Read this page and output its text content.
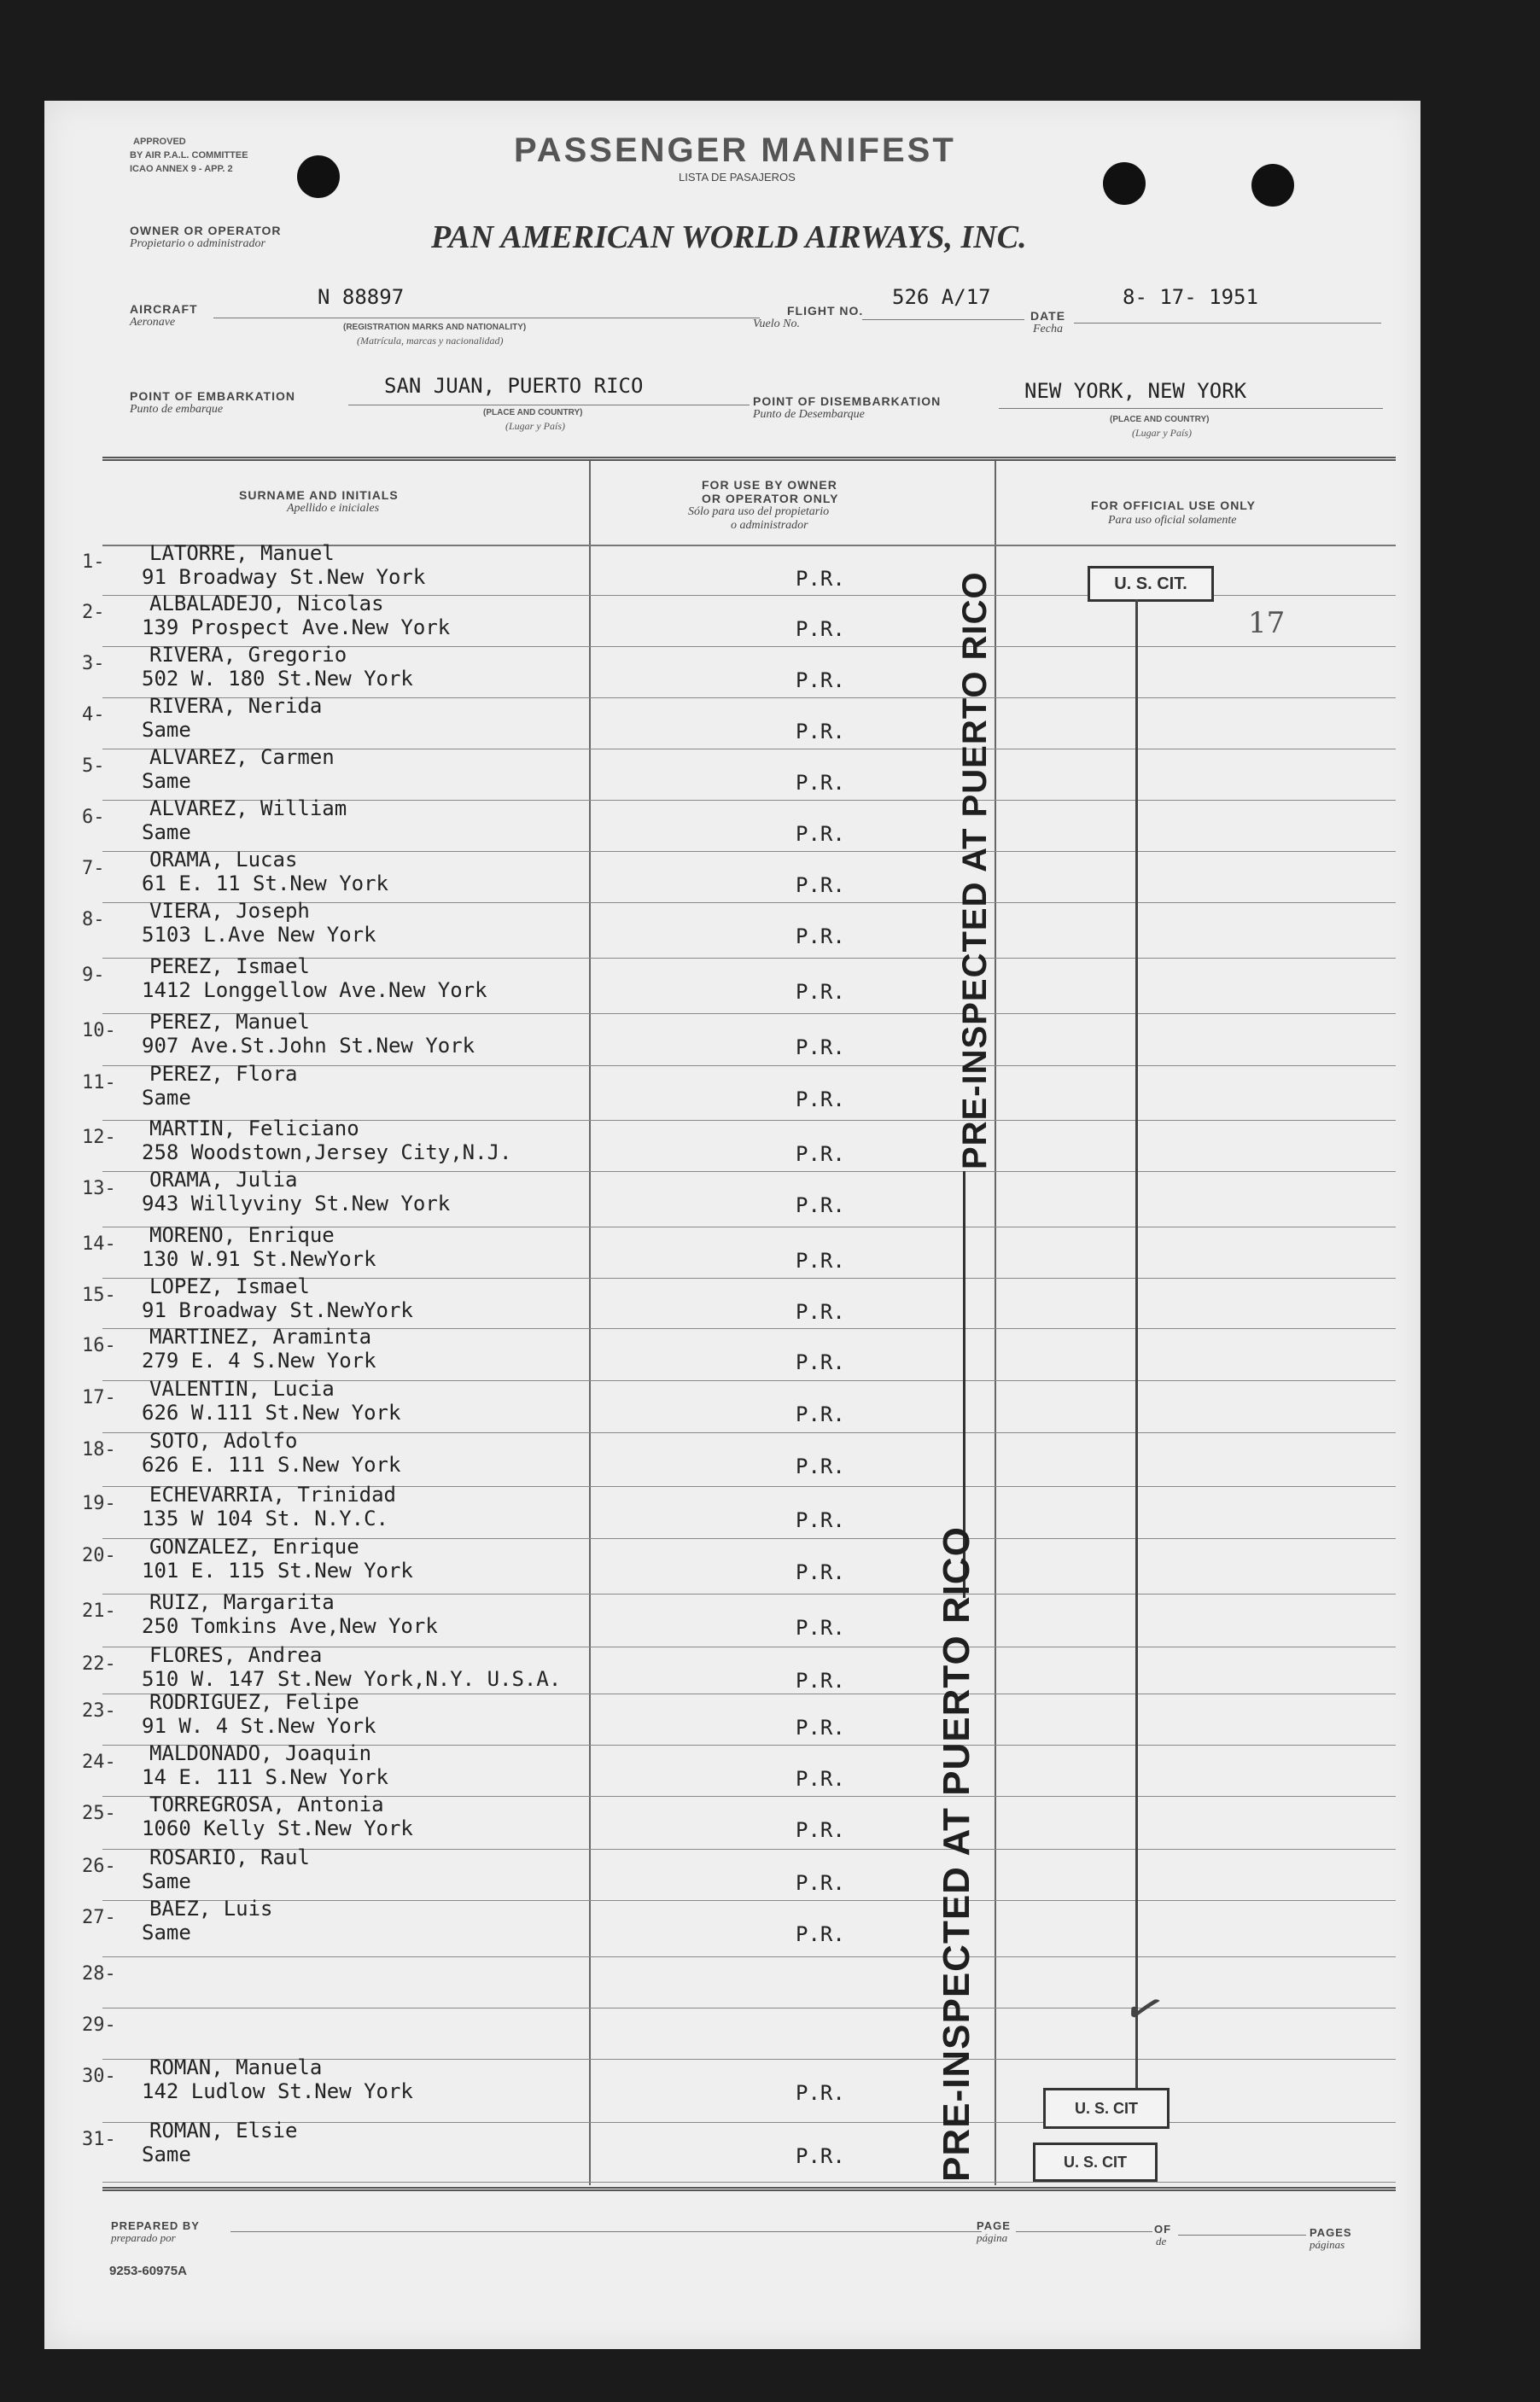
APPROVED
BY AIR P.A.L. COMMITTEE
ICAO ANNEX 9 - APP. 2	PASSENGER MANIFEST
LISTA DE PASAJEROS
OWNER OR OPERATOR
Propietario o administrador	PAN AMERICAN WORLD AIRWAYS, INC.
AIRCRAFT
Aeronave
N 88897
(REGISTRATION MARKS AND NATIONALITY)
(Matrícula, marcas y nacionalidad)
FLIGHT NO.
Vuelo No.
526 A/17
DATE
Fecha
8- 17- 1951
POINT OF EMBARKATION
Punto de embarque
SAN JUAN, PUERTO RICO
(PLACE AND COUNTRY)
(Lugar y País)
POINT OF DISEMBARKATION
Punto de Desembarque
NEW YORK, NEW YORK
(PLACE AND COUNTRY)
(Lugar y País)
SURNAME AND INITIALS
Apellido e iniciales
FOR USE BY OWNER
OR OPERATOR ONLY
Sólo para uso del propietario
o administrador
FOR OFFICIAL USE ONLY
Para uso oficial solamente
1- LATORRE, Manuel
91 Broadway St.New York	P.R.
2- ALBALADEJO, Nicolas
139 Prospect Ave.New York	P.R.
3- RIVERA, Gregorio
502 W. 180 St.New York	P.R.
4- RIVERA, Nerida
Same	P.R.
5- ALVAREZ, Carmen
Same	P.R.
6- ALVAREZ, William
Same	P.R.
7- ORAMA, Lucas
61 E. 11 St.New York	P.R.
8- VIERA, Joseph
5103 L.Ave New York	P.R.
9- PEREZ, Ismael
1412 Longgellow Ave.New York	P.R.
10- PEREZ, Manuel
907 Ave.St.John St.New York	P.R.
11- PEREZ, Flora
Same	P.R.
12- MARTIN, Feliciano
258 Woodstown,Jersey City,N.J.	P.R.
13- ORAMA, Julia
943 Willyviny St.New York	P.R.
14- MORENO, Enrique
130 W.91 St.NewYork	P.R.
15- LOPEZ, Ismael
91 Broadway St.NewYork	P.R.
16- MARTINEZ, Araminta
279 E. 4 S.New York	P.R.
17- VALENTIN, Lucia
626 W.111 St.New York	P.R.
18- SOTO, Adolfo
626 E. 111 S.New York	P.R.
19- ECHEVARRIA, Trinidad
135 W 104 St. N.Y.C.	P.R.
20- GONZALEZ, Enrique
101 E. 115 St.New York	P.R.
21- RUIZ, Margarita
250 Tomkins Ave,New York	P.R.
22- FLORES, Andrea
510 W. 147 St.New York,N.Y. U.S.A.	P.R.
23- RODRIGUEZ, Felipe
91 W. 4 St.New York	P.R.
24- MALDONADO, Joaquin
14 E. 111 S.New York	P.R.
25- TORREGROSA, Antonia
1060 Kelly St.New York	P.R.
26- ROSARIO, Raul
Same	P.R.
27- BAEZ, Luis
Same	P.R.
28-
29-
30- ROMAN, Manuela
142 Ludlow St.New York	P.R.
31- ROMAN, Elsie
Same	P.R.
U. S. CIT.
17
U. S. CIT
U. S. CIT
✓
PRE-INSPECTED AT PUERTO RICO
PRE-INSPECTED AT PUERTO RICO
PREPARED BY
preparado por
PAGE
página
OF
de
PAGES
páginas
9253-60975A
